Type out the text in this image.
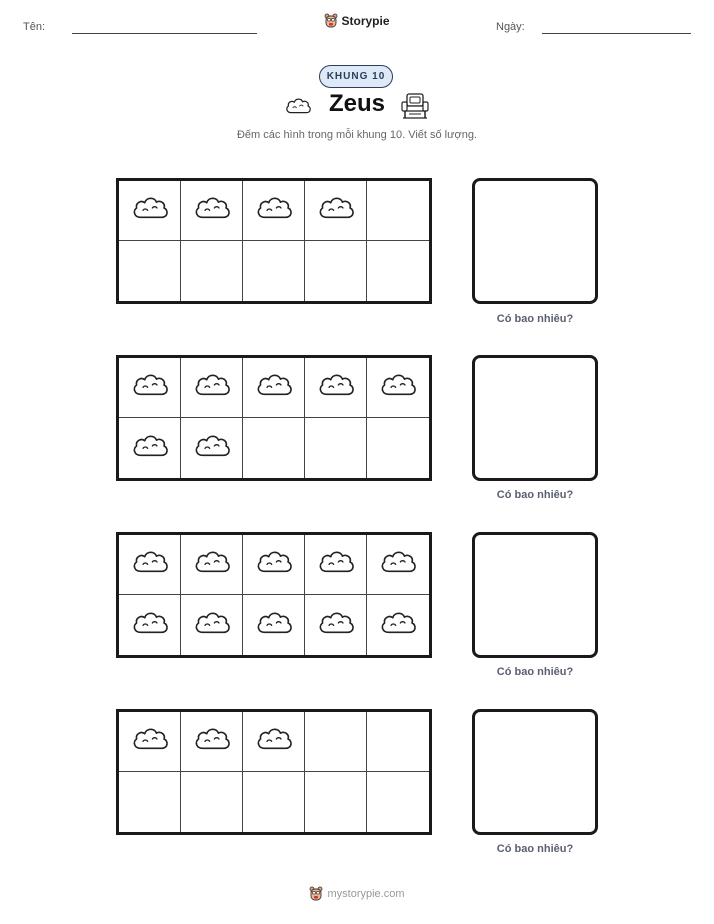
Tên:	Storypie	Ngày:
KHUNG 10
Zeus
Đếm các hình trong mỗi khung 10. Viết số lượng.
Có bao nhiêu?
Có bao nhiêu?
Có bao nhiêu?
Có bao nhiêu?
mystorypie.com
